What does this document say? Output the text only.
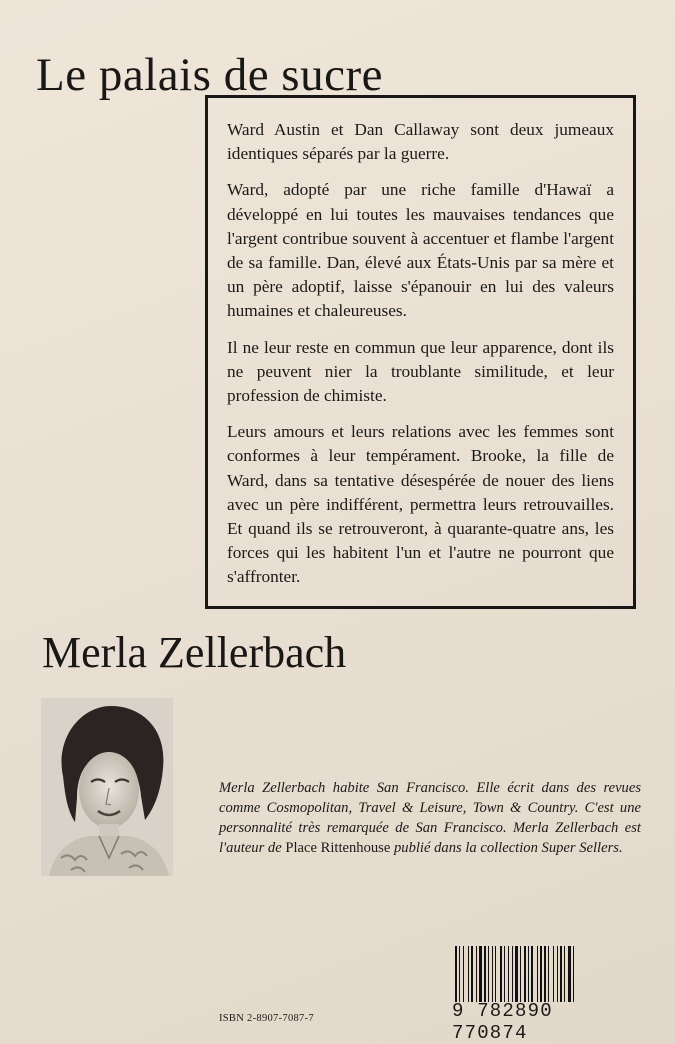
Le palais de sucre

Ward Austin et Dan Callaway sont deux jumeaux identiques séparés par la guerre.

Ward, adopté par une riche famille d'Hawaï a développé en lui toutes les mauvaises tendances que l'argent contribue souvent à accentuer et flambe l'argent de sa famille. Dan, élevé aux États-Unis par sa mère et un père adoptif, laisse s'épanouir en lui des valeurs humaines et chaleureuses.

Il ne leur reste en commun que leur apparence, dont ils ne peuvent nier la troublante similitude, et leur profession de chimiste.

Leurs amours et leurs relations avec les femmes sont conformes à leur tempérament. Brooke, la fille de Ward, dans sa tentative désespérée de nouer des liens avec un père indifférent, permettra leurs retrouvailles. Et quand ils se retrouveront, à quarante-quatre ans, les forces qui les habitent l'un et l'autre ne pourront que s'affronter.

Merla Zellerbach
Merla Zellerbach habite San Francisco. Elle écrit dans des revues comme Cosmopolitan, Travel & Leisure, Town & Country. C'est une personnalité très remarquée de San Francisco. Merla Zellerbach est l'auteur de Place Rittenhouse publié dans la collection Super Sellers.
ISBN 2-8907-7087-7	9 782890 770874
